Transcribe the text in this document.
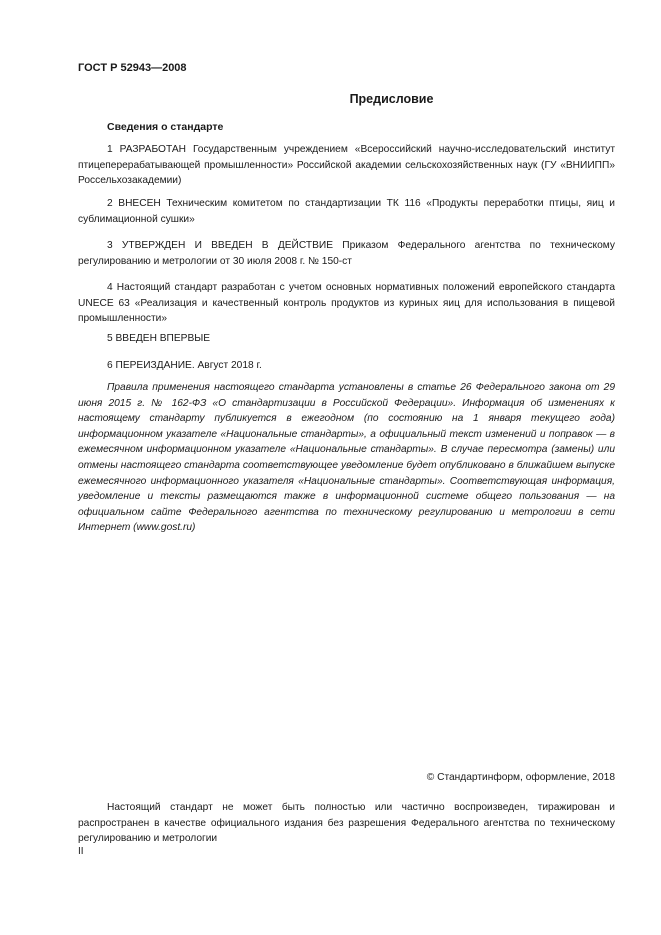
ГОСТ Р 52943—2008
Предисловие
Сведения о стандарте
1 РАЗРАБОТАН Государственным учреждением «Всероссийский научно-исследовательский институт птицеперерабатывающей промышленности» Российской академии сельскохозяйственных наук (ГУ «ВНИИПП» Россельхозакадемии)
2 ВНЕСЕН Техническим комитетом по стандартизации ТК 116 «Продукты переработки птицы, яиц и сублимационной сушки»
3 УТВЕРЖДЕН И ВВЕДЕН В ДЕЙСТВИЕ Приказом Федерального агентства по техническому регулированию и метрологии от 30 июля 2008 г. № 150-ст
4 Настоящий стандарт разработан с учетом основных нормативных положений европейского стандарта UNECE 63 «Реализация и качественный контроль продуктов из куриных яиц для использования в пищевой промышленности»
5 ВВЕДЕН ВПЕРВЫЕ
6 ПЕРЕИЗДАНИЕ. Август 2018 г.
Правила применения настоящего стандарта установлены в статье 26 Федерального закона от 29 июня 2015 г. № 162-ФЗ «О стандартизации в Российской Федерации». Информация об изменениях к настоящему стандарту публикуется в ежегодном (по состоянию на 1 января текущего года) информационном указателе «Национальные стандарты», а официальный текст изменений и поправок — в ежемесячном информационном указателе «Национальные стандарты». В случае пересмотра (замены) или отмены настоящего стандарта соответствующее уведомление будет опубликовано в ближайшем выпуске ежемесячного информационного указателя «Национальные стандарты». Соответствующая информация, уведомление и тексты размещаются также в информационной системе общего пользования — на официальном сайте Федерального агентства по техническому регулированию и метрологии в сети Интернет (www.gost.ru)
© Стандартинформ, оформление, 2018
Настоящий стандарт не может быть полностью или частично воспроизведен, тиражирован и распространен в качестве официального издания без разрешения Федерального агентства по техническому регулированию и метрологии
II
